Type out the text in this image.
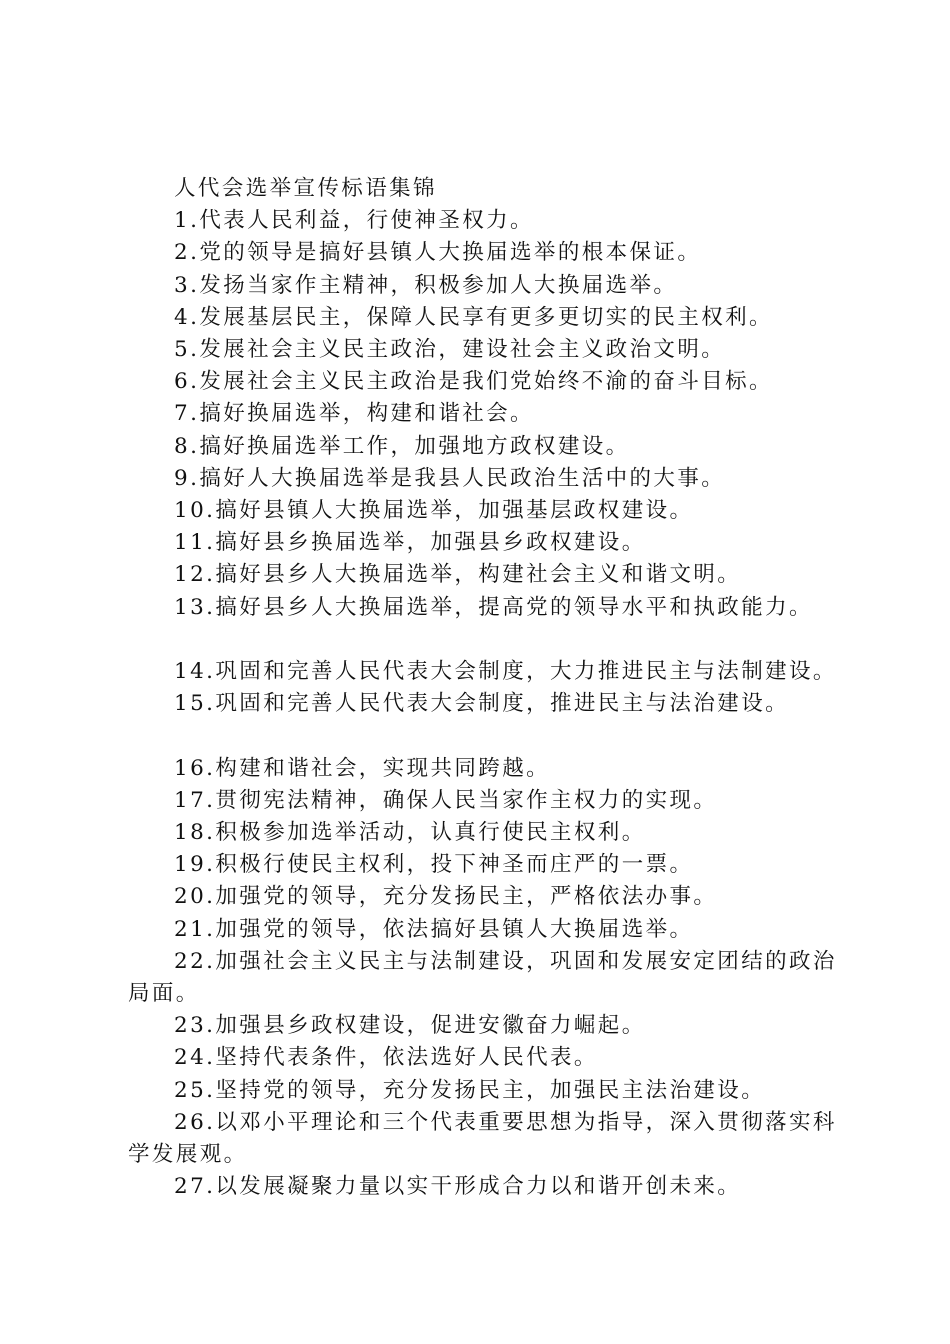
人代会选举宣传标语集锦

1.代表人民利益，行使神圣权力。

2.党的领导是搞好县镇人大换届选举的根本保证。

3.发扬当家作主精神，积极参加人大换届选举。

4.发展基层民主，保障人民享有更多更切实的民主权利。

5.发展社会主义民主政治，建设社会主义政治文明。

6.发展社会主义民主政治是我们党始终不渝的奋斗目标。

7.搞好换届选举，构建和谐社会。

8.搞好换届选举工作，加强地方政权建设。

9.搞好人大换届选举是我县人民政治生活中的大事。

10.搞好县镇人大换届选举，加强基层政权建设。

11.搞好县乡换届选举，加强县乡政权建设。

12.搞好县乡人大换届选举，构建社会主义和谐文明。

13.搞好县乡人大换届选举，提高党的领导水平和执政能力。

14.巩固和完善人民代表大会制度，大力推进民主与法制建设。

15.巩固和完善人民代表大会制度，推进民主与法治建设。

16.构建和谐社会，实现共同跨越。

17.贯彻宪法精神，确保人民当家作主权力的实现。

18.积极参加选举活动，认真行使民主权利。

19.积极行使民主权利，投下神圣而庄严的一票。

20.加强党的领导，充分发扬民主，严格依法办事。

21.加强党的领导，依法搞好县镇人大换届选举。

22.加强社会主义民主与法制建设，巩固和发展安定团结的政治局面。

23.加强县乡政权建设，促进安徽奋力崛起。

24.坚持代表条件，依法选好人民代表。

25.坚持党的领导，充分发扬民主，加强民主法治建设。

26.以邓小平理论和三个代表重要思想为指导，深入贯彻落实科学发展观。

27.以发展凝聚力量以实干形成合力以和谐开创未来。
